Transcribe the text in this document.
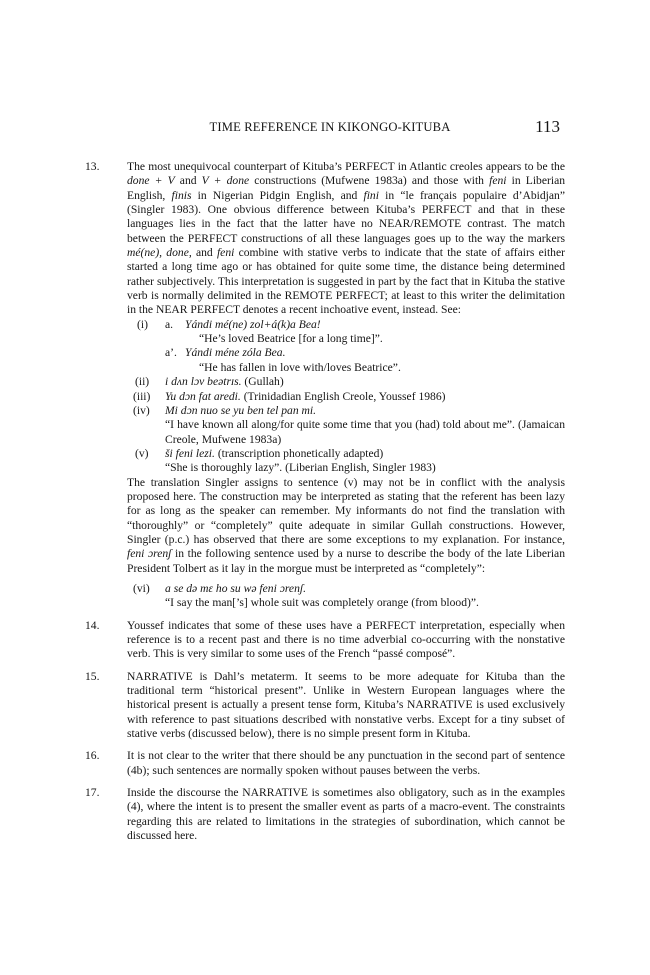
TIME REFERENCE IN KIKONGO-KITUBA	113
13. The most unequivocal counterpart of Kituba’s PERFECT in Atlantic creoles appears to be the done + V and V + done constructions (Mufwene 1983a) and those with feni in Liberian English, finis in Nigerian Pidgin English, and fini in “le français populaire d’Abidjan” (Singler 1983). One obvious difference between Kituba’s PERFECT and that in these languages lies in the fact that the latter have no NEAR/REMOTE contrast. The match between the PERFECT constructions of all these languages goes up to the way the markers mé(ne), done, and feni combine with stative verbs to indicate that the state of affairs either started a long time ago or has obtained for quite some time, the distance being determined rather subjectively. This interpretation is suggested in part by the fact that in Kituba the stative verb is normally delimited in the REMOTE PERFECT; at least to this writer the delimitation in the NEAR PERFECT denotes a recent inchoative event, instead. See:

(i) a.	Yándi mé(ne) zol+á(k)a Bea!
“He’s loved Beatrice [for a long time]”.
a’. Yándi méne zóla Bea.
“He has fallen in love with/loves Beatrice”.
(ii)	i dʌn lɔv beətrɪs. (Gullah)
(iii)	Yu dɔn fat aredi. (Trinidadian English Creole, Youssef 1986)
(iv)	Mi dɔn nuo se yu ben tel pan mi.
“I have known all along/for quite some time that you (had) told about me”. (Jamaican Creole, Mufwene 1983a)
(v)	ši feni lezi. (transcription phonetically adapted)
“She is thoroughly lazy”. (Liberian English, Singler 1983)

The translation Singler assigns to sentence (v) may not be in conflict with the analysis proposed here. The construction may be interpreted as stating that the referent has been lazy for as long as the speaker can remember. My informants do not find the translation with “thoroughly” or “completely” quite adequate in similar Gullah constructions. However, Singler (p.c.) has observed that there are some exceptions to my explanation. For instance, feni ɔrenʃ in the following sentence used by a nurse to describe the body of the late Liberian President Tolbert as it lay in the morgue must be interpreted as “completely”:

(vi)	a se də mɛ ho su wə feni ɔrenʃ.
“I say the man[’s] whole suit was completely orange (from blood)”.
14. Youssef indicates that some of these uses have a PERFECT interpretation, especially when reference is to a recent past and there is no time adverbial co-occurring with the nonstative verb. This is very similar to some uses of the French “passé composé”.

15. NARRATIVE is Dahl’s metaterm. It seems to be more adequate for Kituba than the traditional term “historical present”. Unlike in Western European languages where the historical present is actually a present tense form, Kituba’s NARRATIVE is used exclusively with reference to past situations described with nonstative verbs. Except for a tiny subset of stative verbs (discussed below), there is no simple present form in Kituba.

16. It is not clear to the writer that there should be any punctuation in the second part of sentence (4b); such sentences are normally spoken without pauses between the verbs.

17. Inside the discourse the NARRATIVE is sometimes also obligatory, such as in the examples (4), where the intent is to present the smaller event as parts of a macro-event. The constraints regarding this are related to limitations in the strategies of subordination, which cannot be discussed here.
